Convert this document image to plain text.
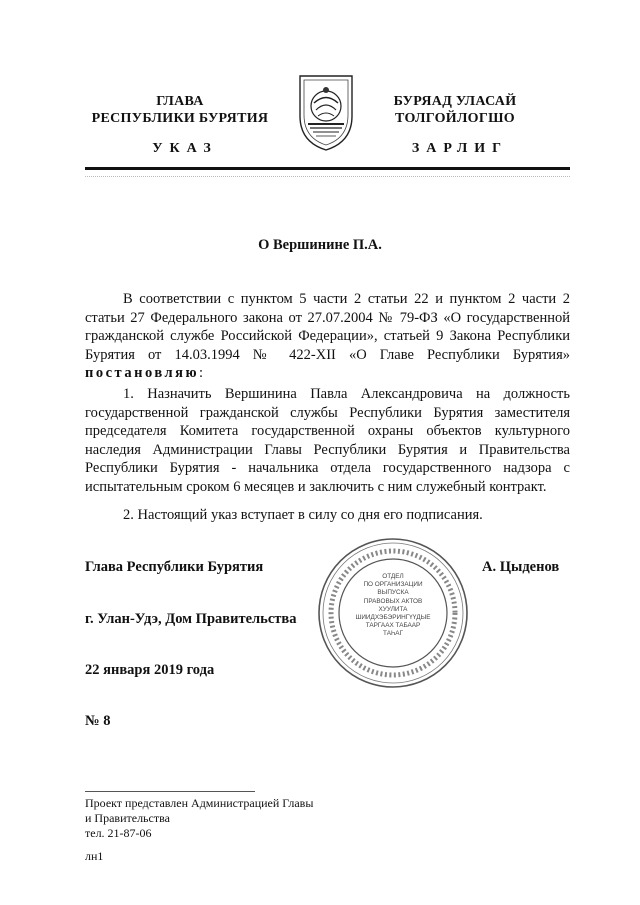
ГЛАВА
РЕСПУБЛИКИ БУРЯТИЯ
БУРЯАД УЛАСАЙ
ТОЛГОЙЛОГШО
УКАЗ	ЗАРЛИГ
О Вершинине П.А.
В соответствии с пунктом 5 части 2 статьи 22 и пунктом 2 части 2 статьи 27 Федерального закона от 27.07.2004 № 79-ФЗ «О государственной гражданской службе Российской Федерации», статьей 9 Закона Республики Бурятия от 14.03.1994 № 422-XII «О Главе Республики Бурятия» постановляю:
1. Назначить Вершинина Павла Александровича на должность государственной гражданской службы Республики Бурятия заместителя председателя Комитета государственной охраны объектов культурного наследия Администрации Главы Республики Бурятия и Правительства Республики Бурятия - начальника отдела государственного надзора с испытательным сроком 6 месяцев и заключить с ним служебный контракт.
2. Настоящий указ вступает в силу со дня его подписания.
Глава Республики Бурятия	А. Цыденов
г. Улан-Удэ, Дом Правительства
22 января 2019 года
№ 8
ОТДЕЛ
ПО ОРГАНИЗАЦИИ
ВЫПУСКА
ПРАВОВЫХ АКТОВ
ХУУЛИТА
ШИИДХЭБЭРИНГҮҮДЫЕ
ТАРГААХ ТАБААР
ТАҺАГ
Проект представлен Администрацией Главы
и Правительства
тел. 21-87-06
лн1
